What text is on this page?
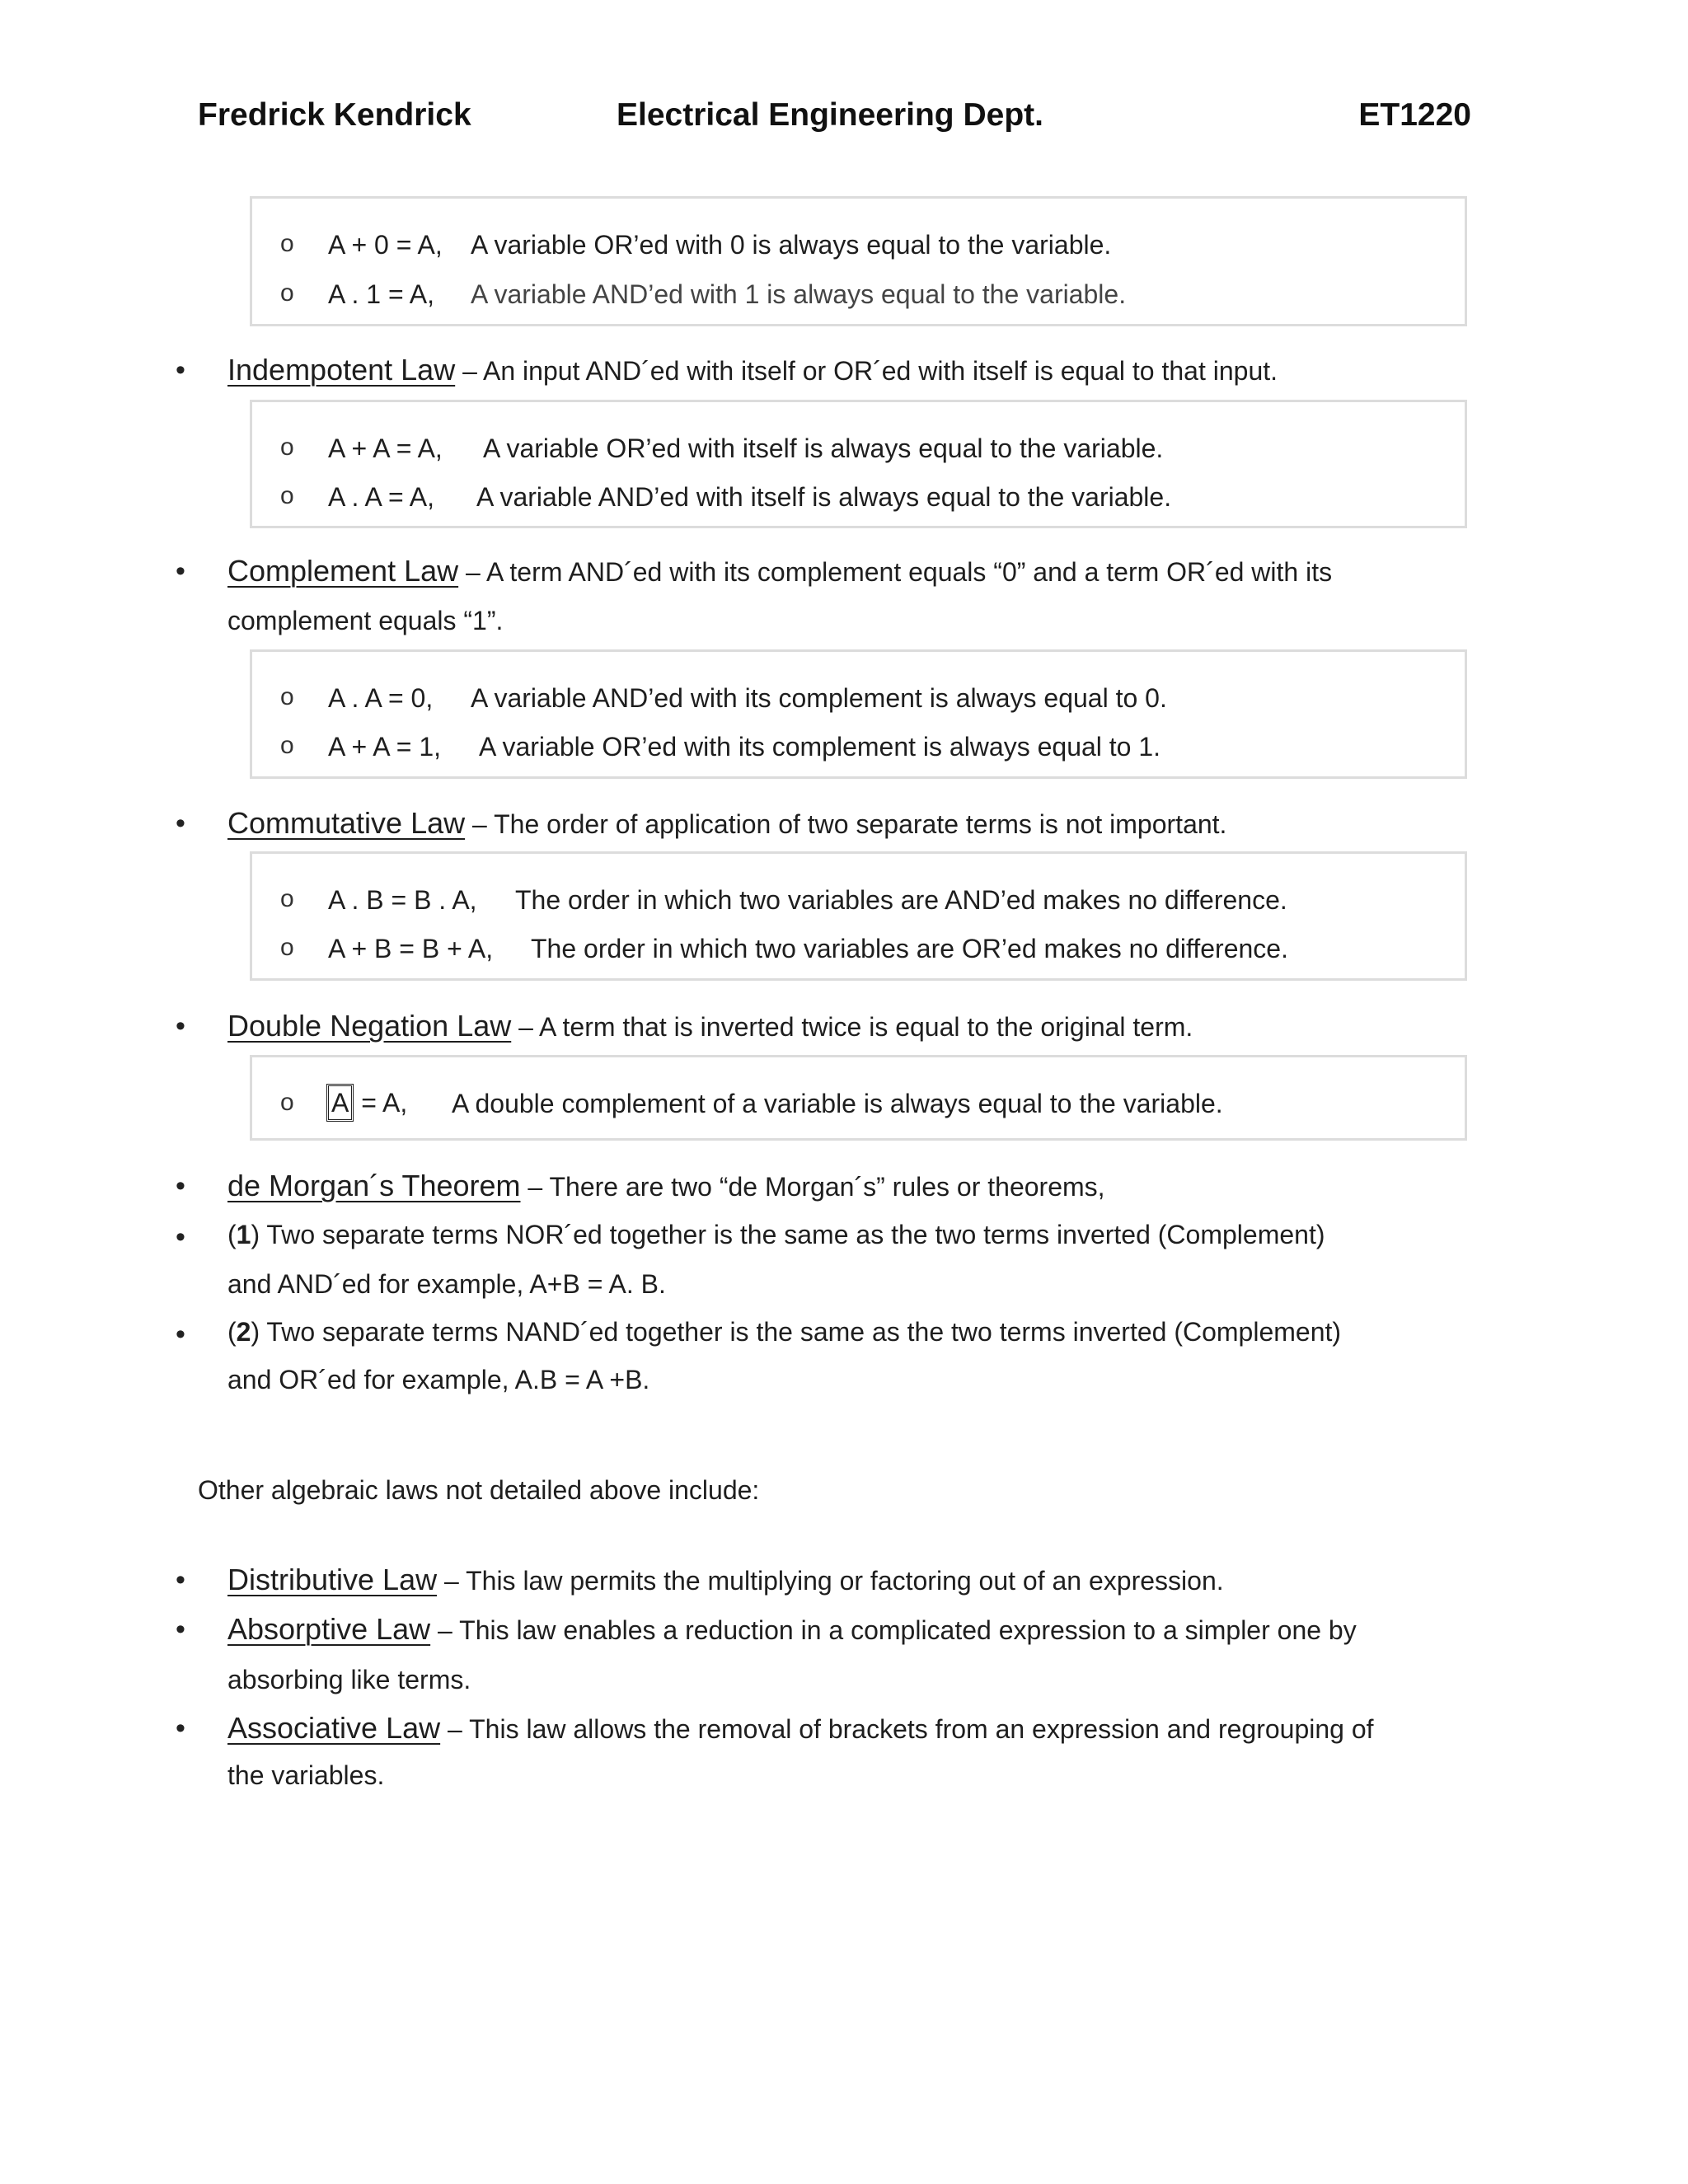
Fredrick Kendrick	Electrical Engineering Dept.	ET1220
o A + 0 = A, A variable OR’ed with 0 is always equal to the variable.
o A . 1 = A, A variable AND’ed with 1 is always equal to the variable.
• Indempotent Law – An input AND´ed with itself or OR´ed with itself is equal to that input.
o A + A = A, A variable OR’ed with itself is always equal to the variable.
o A . A = A, A variable AND’ed with itself is always equal to the variable.
• Complement Law – A term AND´ed with its complement equals “0” and a term OR´ed with its
complement equals “1”.
o A . A = 0, A variable AND’ed with its complement is always equal to 0.
o A + A = 1, A variable OR’ed with its complement is always equal to 1.
• Commutative Law – The order of application of two separate terms is not important.
o A . B = B . A, The order in which two variables are AND’ed makes no difference.
o A + B = B + A, The order in which two variables are OR’ed makes no difference.
• Double Negation Law – A term that is inverted twice is equal to the original term.
o A = A, A double complement of a variable is always equal to the variable.
• de Morgan´s Theorem – There are two “de Morgan´s” rules or theorems,
• (1) Two separate terms NOR´ed together is the same as the two terms inverted (Complement)
and AND´ed for example, A+B = A. B.
• (2) Two separate terms NAND´ed together is the same as the two terms inverted (Complement)
and OR´ed for example, A.B = A +B.
Other algebraic laws not detailed above include:
• Distributive Law – This law permits the multiplying or factoring out of an expression.
• Absorptive Law – This law enables a reduction in a complicated expression to a simpler one by
absorbing like terms.
• Associative Law – This law allows the removal of brackets from an expression and regrouping of
the variables.
